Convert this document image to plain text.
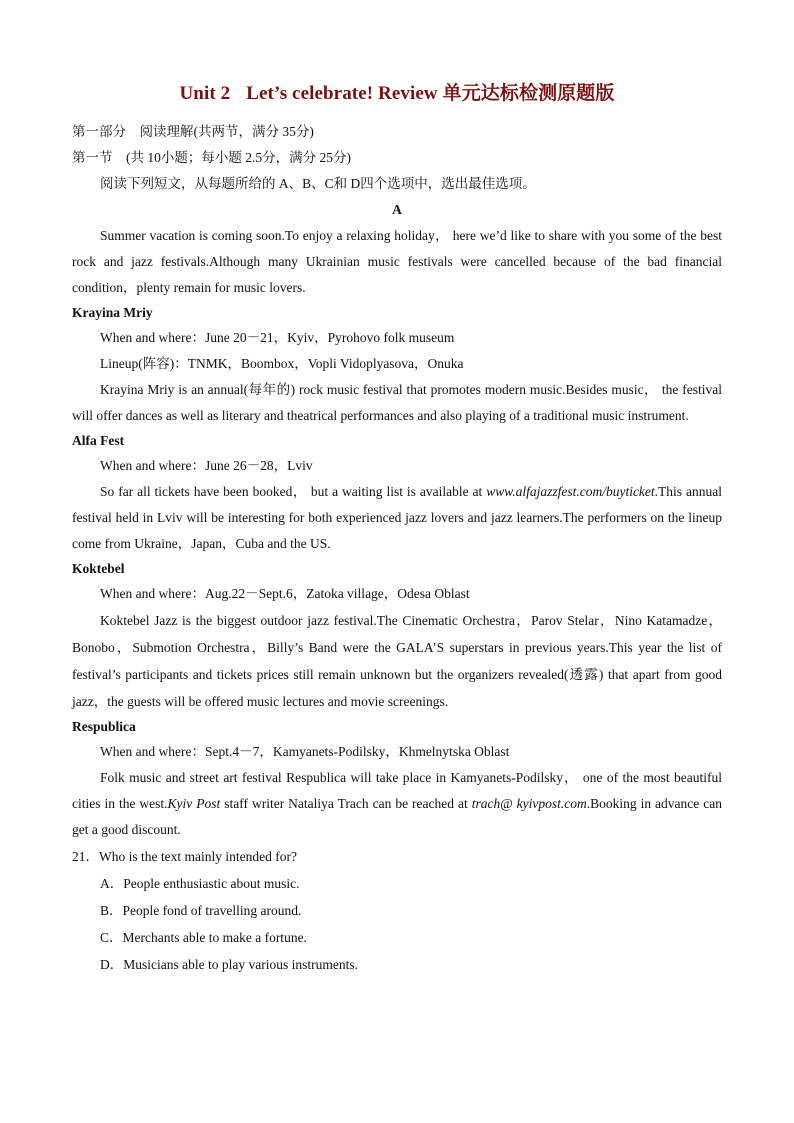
Unit 2 Let’s celebrate! Review 单元达标检测原题版

第一部分　阅读理解(共两节，满分 35分)

第一节　(共 10小题；每小题 2.5分，满分 25分)

阅读下列短文，从每题所给的 A、B、C和 D四个选项中，选出最佳选项。

A

Summer vacation is coming soon.To enjoy a relaxing holiday， here we’d like to share with you some of the best rock and jazz festivals.Although many Ukrainian music festivals were cancelled because of the bad financial condition，plenty remain for music lovers.

Krayina Mriy

When and where：June 20－21，Kyiv，Pyrohovo folk museum

Lineup(阵容)：TNMK，Boombox，Vopli Vidoplyasova，Onuka

Krayina Mriy is an annual(每年的) rock music festival that promotes modern music.Besides music， the festival will offer dances as well as literary and theatrical performances and also playing of a traditional music instrument.

Alfa Fest

When and where：June 26－28，Lviv

So far all tickets have been booked， but a waiting list is available at www.alfajazzfest.com/buyticket.This annual festival held in Lviv will be interesting for both experienced jazz lovers and jazz learners.The performers on the lineup come from Ukraine，Japan，Cuba and the US.

Koktebel

When and where：Aug.22－Sept.6，Zatoka village，Odesa Oblast

Koktebel Jazz is the biggest outdoor jazz festival.The Cinematic Orchestra，Parov Stelar，Nino Katamadze，Bonobo，Submotion Orchestra，Billy’s Band were the GALA’S superstars in previous years.This year the list of festival’s participants and tickets prices still remain unknown but the organizers revealed(透露) that apart from good jazz，the guests will be offered music lectures and movie screenings.

Respublica

When and where：Sept.4－7，Kamyanets-Podilsky，Khmelnytska Oblast

Folk music and street art festival Respublica will take place in Kamyanets-Podilsky， one of the most beautiful cities in the west.Kyiv Post staff writer Nataliya Trach can be reached at trach@ kyivpost.com.Booking in advance can get a good discount.

21．Who is the text mainly intended for?

A．People enthusiastic about music.

B．People fond of travelling around.

C．Merchants able to make a fortune.

D．Musicians able to play various instruments.
